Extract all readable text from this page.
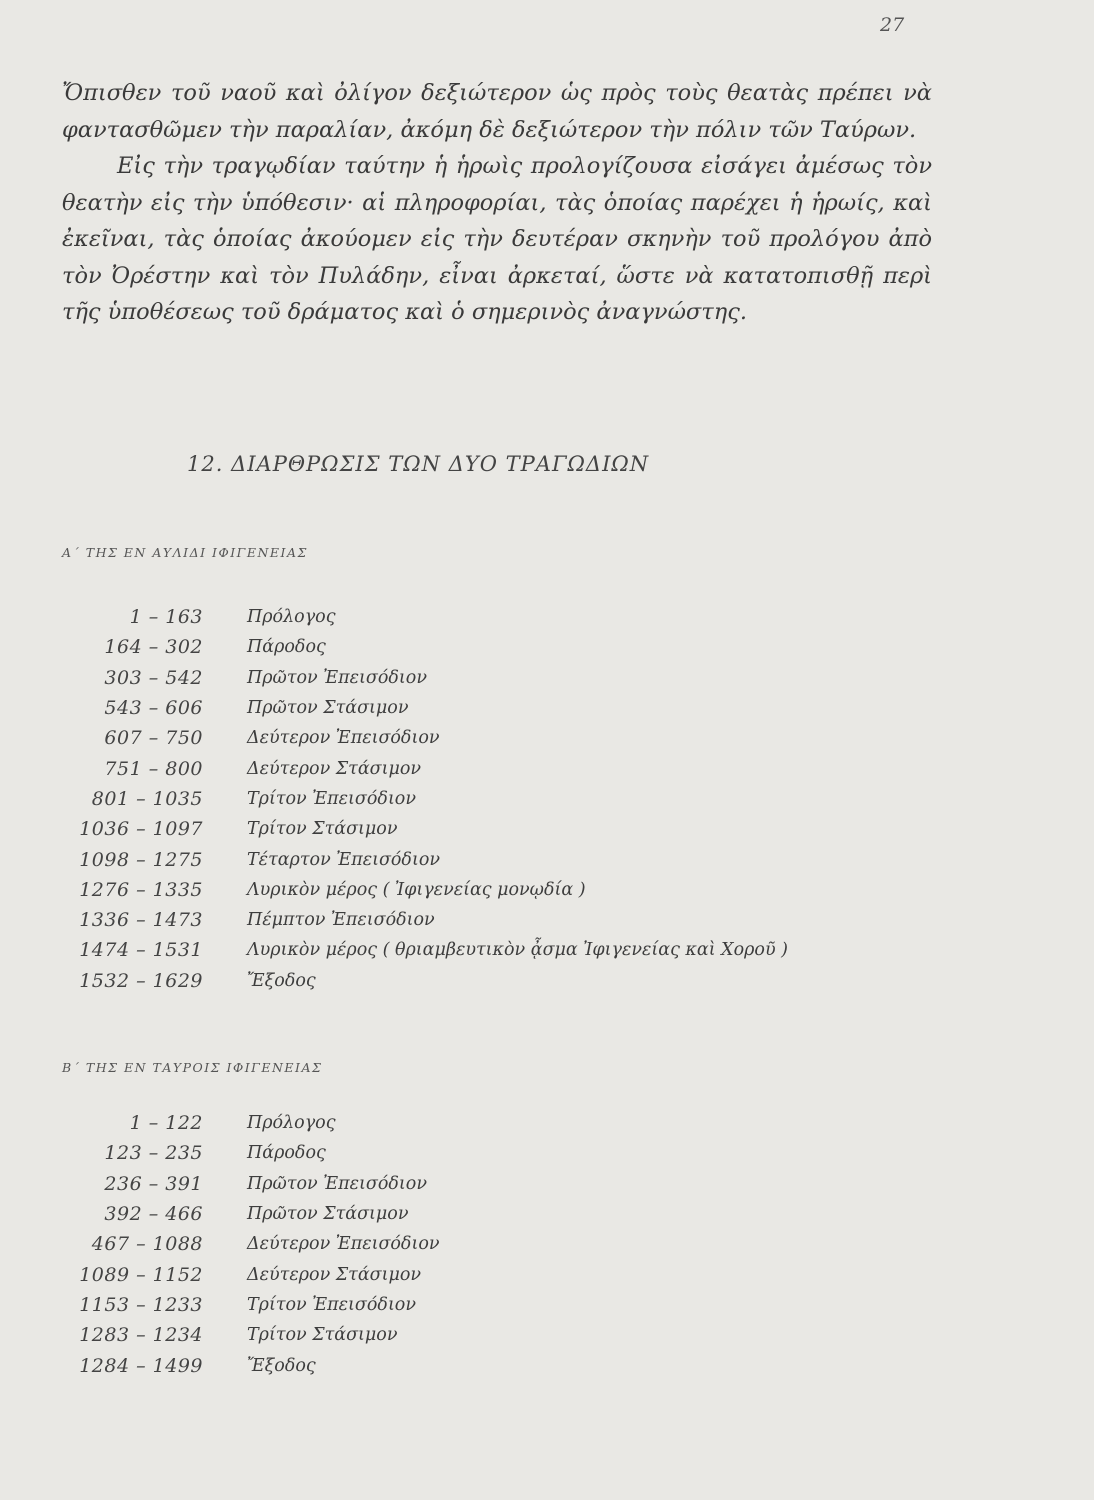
27

Ὄπισθεν τοῦ ναοῦ καὶ ὀλίγον δεξιώτερον ὡς πρὸς τοὺς θεατὰς πρέπει νὰ φαντασθῶμεν τὴν παραλίαν, ἀκόμη δὲ δεξιώτερον τὴν πόλιν τῶν Ταύρων.

Εἰς τὴν τραγῳδίαν ταύτην ἡ ἡρωὶς προλογίζουσα εἰσάγει ἀμέσως τὸν θεατὴν εἰς τὴν ὑπόθεσιν· αἱ πληροφορίαι, τὰς ὁποίας παρέχει ἡ ἡρωίς, καὶ ἐκεῖναι, τὰς ὁποίας ἀκούομεν εἰς τὴν δευτέραν σκηνὴν τοῦ προλόγου ἀπὸ τὸν Ὀρέστην καὶ τὸν Πυλάδην, εἶναι ἀρκεταί, ὥστε νὰ κατατοπισθῇ περὶ τῆς ὑποθέσεως τοῦ δράματος καὶ ὁ σημερινὸς ἀναγνώστης.

12. ΔΙΑΡΘΡΩΣΙΣ ΤΩΝ ΔΥΟ ΤΡΑΓΩΔΙΩΝ
Α΄ ΤΗΣ ΕΝ ΑΥΛΙΔΙ ΙΦΙΓΕΝΕΙΑΣ
1 – 163	Πρόλογος
164 – 302	Πάροδος
303 – 542	Πρῶτον Ἐπεισόδιον
543 – 606	Πρῶτον Στάσιμον
607 – 750	Δεύτερον Ἐπεισόδιον
751 – 800	Δεύτερον Στάσιμον
801 – 1035	Τρίτον Ἐπεισόδιον
1036 – 1097	Τρίτον Στάσιμον
1098 – 1275	Τέταρτον Ἐπεισόδιον
1276 – 1335	Λυρικὸν μέρος ( Ἰφιγενείας μονῳδία )
1336 – 1473	Πέμπτον Ἐπεισόδιον
1474 – 1531	Λυρικὸν μέρος ( θριαμβευτικὸν ᾆσμα Ἰφιγενείας καὶ Χοροῦ )
1532 – 1629	Ἔξοδος
Β΄ ΤΗΣ ΕΝ ΤΑΥΡΟΙΣ ΙΦΙΓΕΝΕΙΑΣ
1 – 122	Πρόλογος
123 – 235	Πάροδος
236 – 391	Πρῶτον Ἐπεισόδιον
392 – 466	Πρῶτον Στάσιμον
467 – 1088	Δεύτερον Ἐπεισόδιον
1089 – 1152	Δεύτερον Στάσιμον
1153 – 1233	Τρίτον Ἐπεισόδιον
1283 – 1234	Τρίτον Στάσιμον
1284 – 1499	Ἔξοδος
